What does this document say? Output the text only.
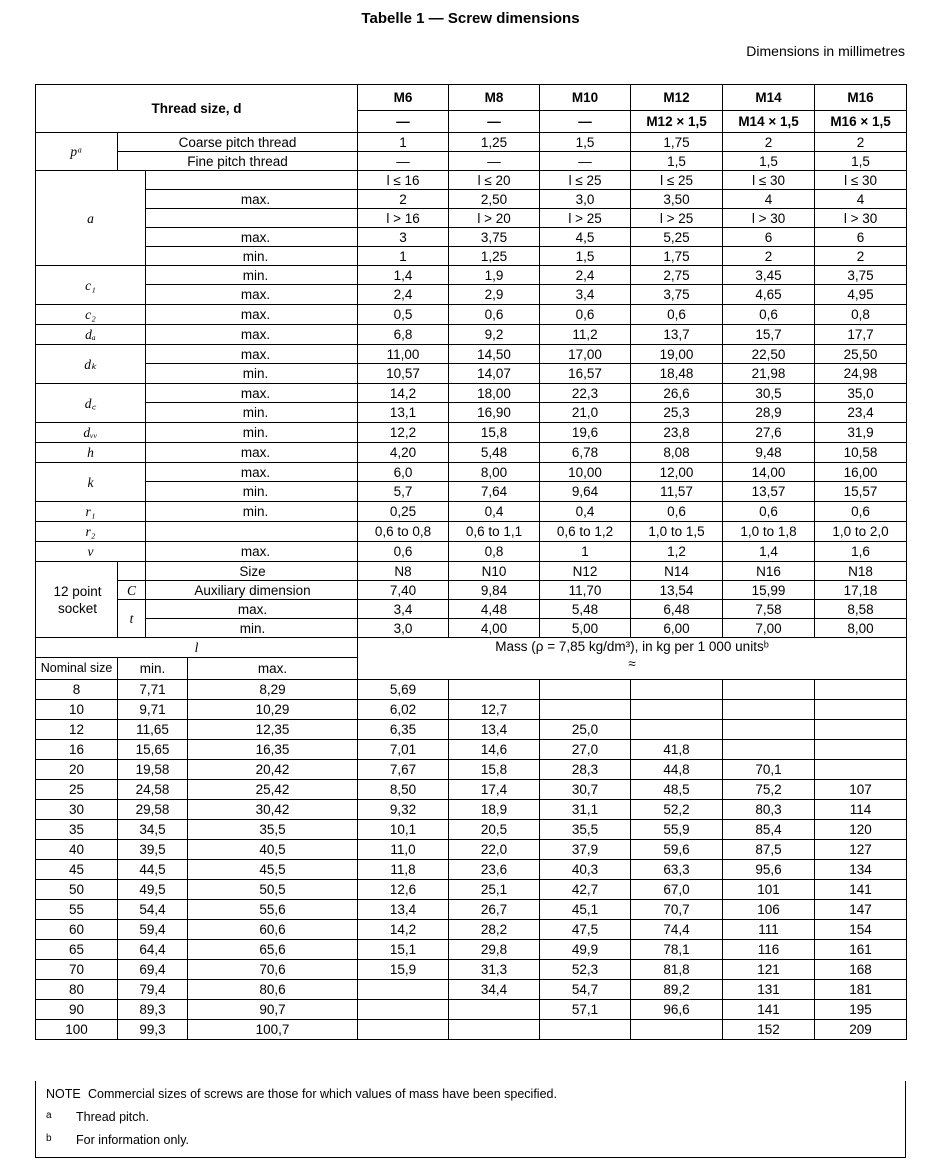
Tabelle 1 — Screw dimensions
Dimensions in millimetres
Thread size, d				M6	M8	M10	M12	M14	M16
				—	—	—	M12 × 1,5	M14 × 1,5	M16 × 1,5
pᵃ	Coarse pitch thread			1	1,25	1,5	1,75	2	2
	Fine pitch thread			—	—	—	1,5	1,5	1,5
a				l ≤ 16	l ≤ 20	l ≤ 25	l ≤ 25	l ≤ 30	l ≤ 30
		max.		2	2,50	3,0	3,50	4	4
				l > 16	l > 20	l > 25	l > 25	l > 30	l > 30
		max.		3	3,75	4,5	5,25	6	6
		min.		1	1,25	1,5	1,75	2	2
c₁		min.		1,4	1,9	2,4	2,75	3,45	3,75
		max.		2,4	2,9	3,4	3,75	4,65	4,95
c₂		max.		0,5	0,6	0,6	0,6	0,6	0,8
dₐ		max.		6,8	9,2	11,2	13,7	15,7	17,7
dₖ		max.		11,00	14,50	17,00	19,00	22,50	25,50
		min.		10,57	14,07	16,57	18,48	21,98	24,98
d꜀		max.		14,2	18,00	22,3	26,6	30,5	35,0
		min.		13,1	16,90	21,0	25,3	28,9	23,4
dᵥᵥ		min.		12,2	15,8	19,6	23,8	27,6	31,9
h		max.		4,20	5,48	6,78	8,08	9,48	10,58
k		max.		6,0	8,00	10,00	12,00	14,00	16,00
		min.		5,7	7,64	9,64	11,57	13,57	15,57
r₁		min.		0,25	0,4	0,4	0,6	0,6	0,6
r₂				0,6 to 0,8	0,6 to 1,1	0,6 to 1,2	1,0 to 1,5	1,0 to 1,8	1,0 to 2,0
v		max.		0,6	0,8	1	1,2	1,4	1,6
12 point
socket		Size		N8	N10	N12	N14	N16	N18
	C	Auxiliary dimension		7,40	9,84	11,70	13,54	15,99	17,18
	t	max.		3,4	4,48	5,48	6,48	7,58	8,58
		min.		3,0	4,00	5,00	6,00	7,00	8,00
l				Mass (ρ = 7,85 kg/dm³), in kg per 1 000 unitsᵇ
≈					
Nominal size	min.		max.						
8	7,71		8,29	5,69					
10	9,71		10,29	6,02	12,7				
12	11,65		12,35	6,35	13,4	25,0			
16	15,65		16,35	7,01	14,6	27,0	41,8		
20	19,58		20,42	7,67	15,8	28,3	44,8	70,1	
25	24,58		25,42	8,50	17,4	30,7	48,5	75,2	107
30	29,58		30,42	9,32	18,9	31,1	52,2	80,3	114
35	34,5		35,5	10,1	20,5	35,5	55,9	85,4	120
40	39,5		40,5	11,0	22,0	37,9	59,6	87,5	127
45	44,5		45,5	11,8	23,6	40,3	63,3	95,6	134
50	49,5		50,5	12,6	25,1	42,7	67,0	101	141
55	54,4		55,6	13,4	26,7	45,1	70,7	106	147
60	59,4		60,6	14,2	28,2	47,5	74,4	111	154
65	64,4		65,6	15,1	29,8	49,9	78,1	116	161
70	69,4		70,6	15,9	31,3	52,3	81,8	121	168
80	79,4		80,6		34,4	54,7	89,2	131	181
90	89,3		90,7			57,1	96,6	141	195
100	99,3		100,7					152	209
NOTE Commercial sizes of screws are those for which values of mass have been specified.
a Thread pitch.
b For information only.
